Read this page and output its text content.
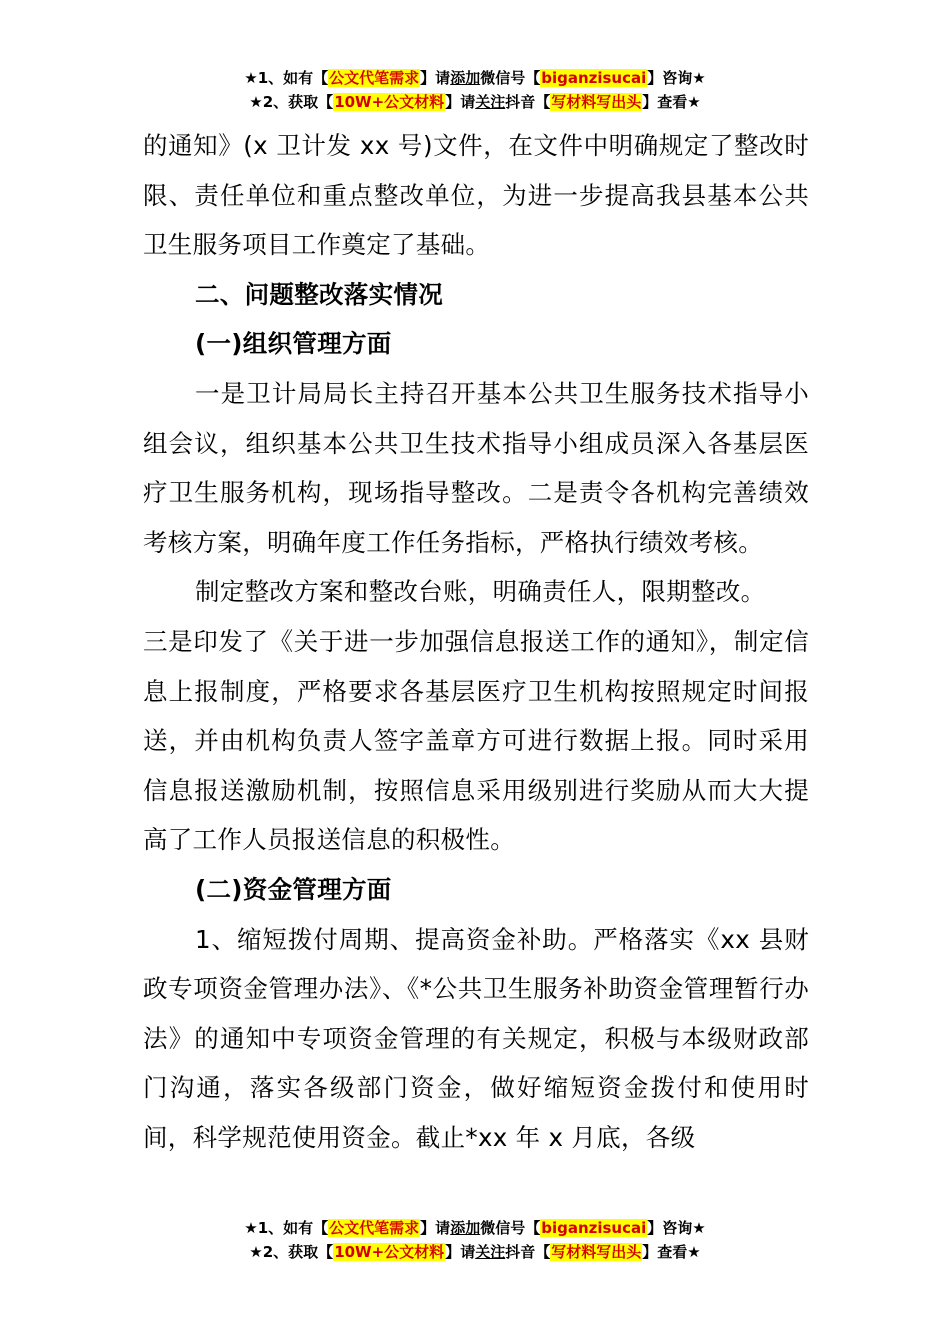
★1、如有【公文代笔需求】请添加微信号【biganzisucai】咨询★
★2、获取【10W+公文材料】请关注抖音【写材料写出头】查看★

的通知》(x 卫计发 xx 号)文件，在文件中明确规定了整改时限、责任单位和重点整改单位，为进一步提高我县基本公共卫生服务项目工作奠定了基础。

二、问题整改落实情况

(一)组织管理方面

一是卫计局局长主持召开基本公共卫生服务技术指导小组会议，组织基本公共卫生技术指导小组成员深入各基层医疗卫生服务机构，现场指导整改。二是责令各机构完善绩效考核方案，明确年度工作任务指标，严格执行绩效考核。

制定整改方案和整改台账，明确责任人，限期整改。

三是印发了《关于进一步加强信息报送工作的通知》，制定信息上报制度，严格要求各基层医疗卫生机构按照规定时间报送，并由机构负责人签字盖章方可进行数据上报。同时采用信息报送激励机制，按照信息采用级别进行奖励从而大大提高了工作人员报送信息的积极性。

(二)资金管理方面

1、缩短拨付周期、提高资金补助。严格落实《xx 县财政专项资金管理办法》、《*公共卫生服务补助资金管理暂行办法》的通知中专项资金管理的有关规定，积极与本级财政部门沟通，落实各级部门资金，做好缩短资金拨付和使用时间，科学规范使用资金。截止*xx 年 x 月底，各级

★1、如有【公文代笔需求】请添加微信号【biganzisucai】咨询★
★2、获取【10W+公文材料】请关注抖音【写材料写出头】查看★
